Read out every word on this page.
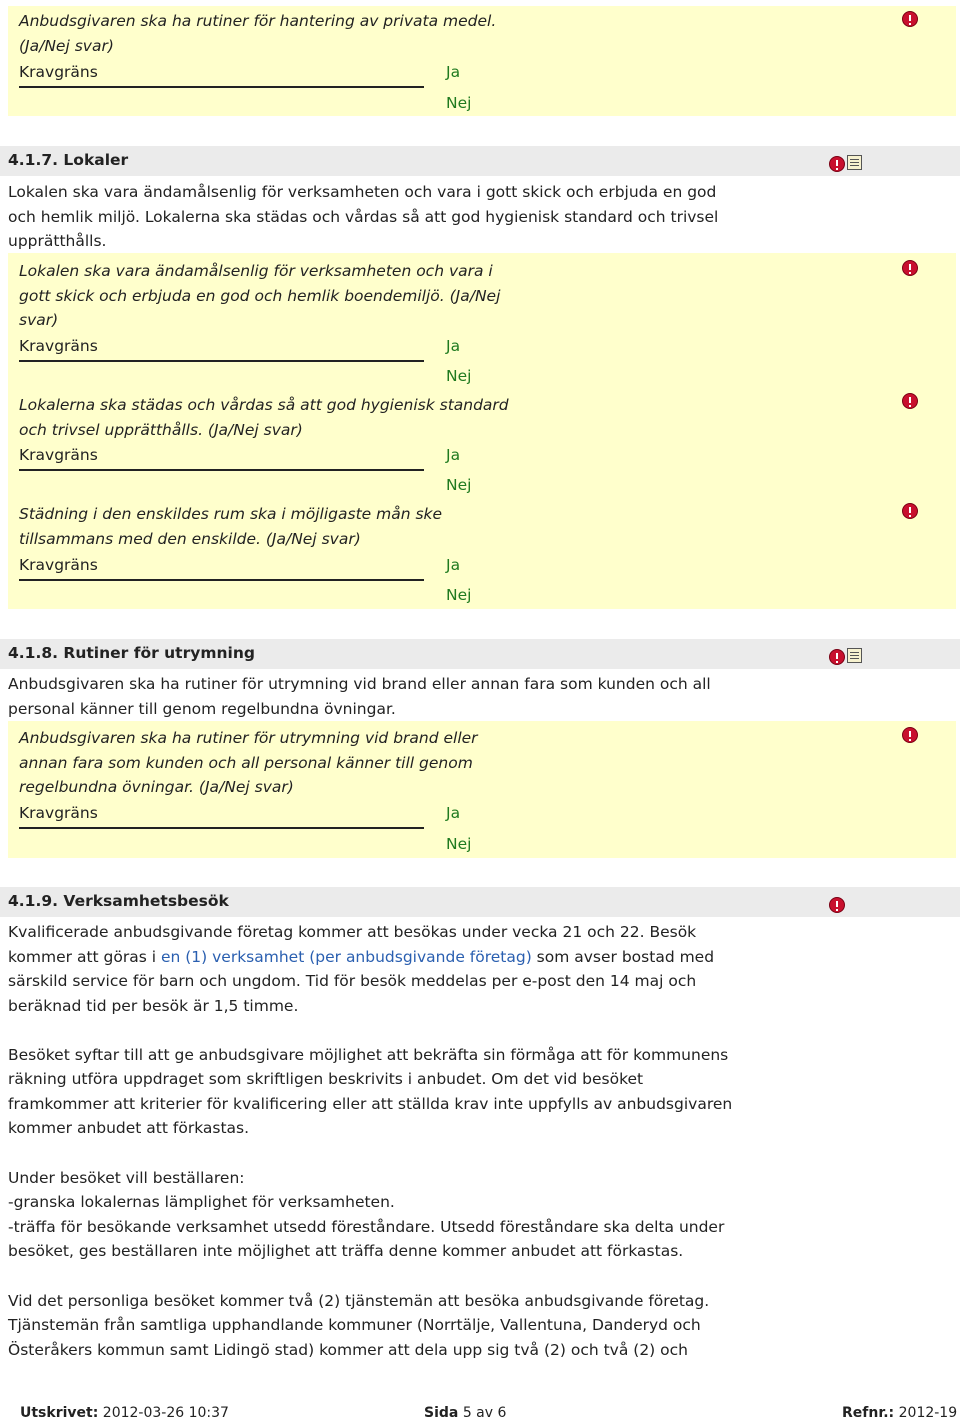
Anbudsgivaren ska ha rutiner för hantering av privata medel.
(Ja/Nej svar)
Kravgräns	Ja
Nej
4.1.7. Lokaler
Lokalen ska vara ändamålsenlig för verksamheten och vara i gott skick och erbjuda en god
och hemlik miljö. Lokalerna ska städas och vårdas så att god hygienisk standard och trivsel
upprätthålls.
Lokalen ska vara ändamålsenlig för verksamheten och vara i
gott skick och erbjuda en god och hemlik boendemiljö. (Ja/Nej
svar)
Kravgräns	Ja
Nej
Lokalerna ska städas och vårdas så att god hygienisk standard
och trivsel upprätthålls. (Ja/Nej svar)
Kravgräns	Ja
Nej
Städning i den enskildes rum ska i möjligaste mån ske
tillsammans med den enskilde. (Ja/Nej svar)
Kravgräns	Ja
Nej
4.1.8. Rutiner för utrymning
Anbudsgivaren ska ha rutiner för utrymning vid brand eller annan fara som kunden och all
personal känner till genom regelbundna övningar.
Anbudsgivaren ska ha rutiner för utrymning vid brand eller
annan fara som kunden och all personal känner till genom
regelbundna övningar. (Ja/Nej svar)
Kravgräns	Ja
Nej
4.1.9. Verksamhetsbesök
Kvalificerade anbudsgivande företag kommer att besökas under vecka 21 och 22. Besök
kommer att göras i en (1) verksamhet (per anbudsgivande företag) som avser bostad med
särskild service för barn och ungdom. Tid för besök meddelas per e-post den 14 maj och
beräknad tid per besök är 1,5 timme.
Besöket syftar till att ge anbudsgivare möjlighet att bekräfta sin förmåga att för kommunens
räkning utföra uppdraget som skriftligen beskrivits i anbudet. Om det vid besöket
framkommer att kriterier för kvalificering eller att ställda krav inte uppfylls av anbudsgivaren
kommer anbudet att förkastas.
Under besöket vill beställaren:
-granska lokalernas lämplighet för verksamheten.
-träffa för besökande verksamhet utsedd föreståndare. Utsedd föreståndare ska delta under
besöket, ges beställaren inte möjlighet att träffa denne kommer anbudet att förkastas.
Vid det personliga besöket kommer två (2) tjänstemän att besöka anbudsgivande företag.
Tjänstemän från samtliga upphandlande kommuner (Norrtälje, Vallentuna, Danderyd och
Österåkers kommun samt Lidingö stad) kommer att dela upp sig två (2) och två (2) och
Utskrivet: 2012-03-26 10:37	Sida 5 av 6	Refnr.: 2012-19
